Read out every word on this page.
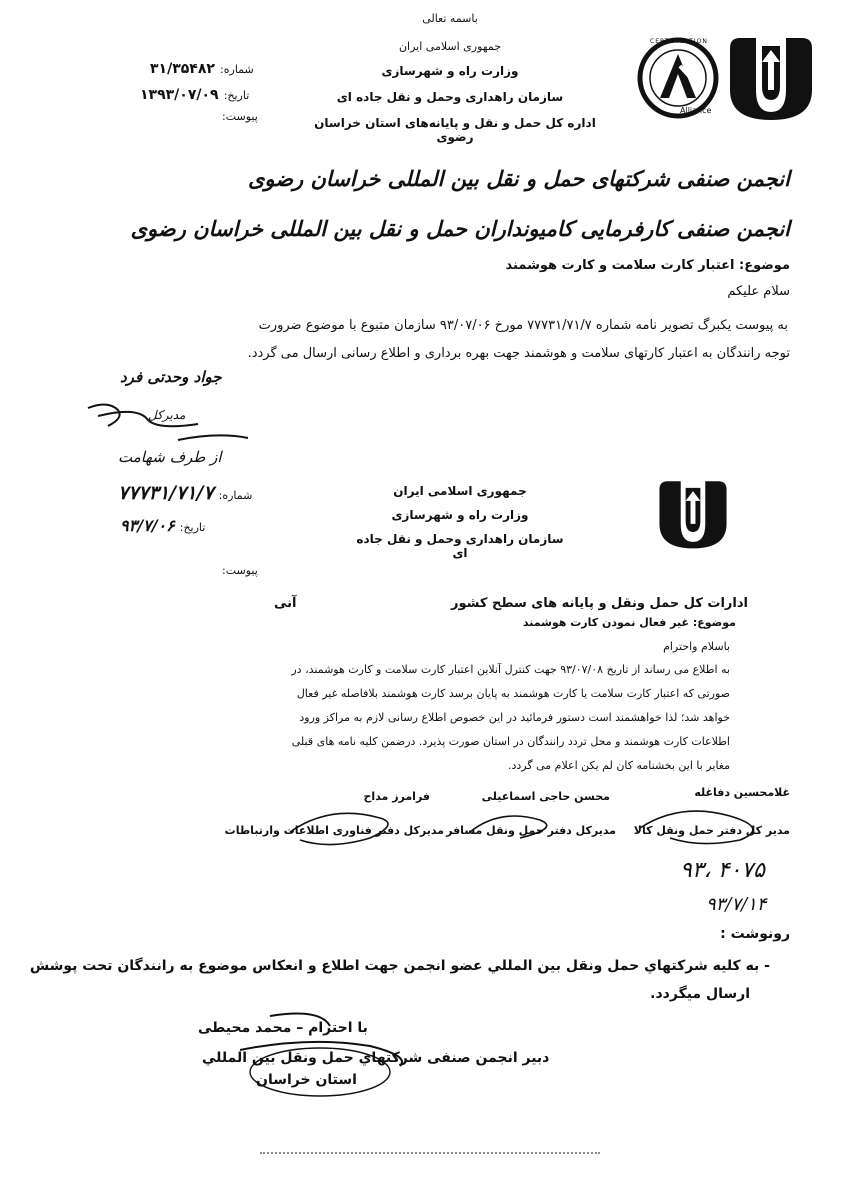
باسمه تعالی
جمهوری اسلامی ایران
وزارت راه و شهرسازی
سازمان راهداری وحمل و نقل جاده ای
اداره کل حمل و نقل و پایانه‌های استان خراسان رضوی
۳۱/۳۵۴۸۲ شماره:
۱۳۹۳/۰۷/۰۹ تاریخ:
پیوست:	Alliance
CERTIFICATION
انجمن صنفی شرکتهای حمل و نقل بین المللی خراسان رضوی
انجمن صنفی کارفرمایی کامیونداران حمل و نقل بین المللی خراسان رضوی
موضوع: اعتبار کارت سلامت و کارت هوشمند
سلام علیکم
به پیوست یکبرگ تصویر نامه شماره ۷۷۷۳۱/۷۱/۷ مورخ ۹۳/۰۷/۰۶ سازمان متبوع با موضوع ضرورت
توجه رانندگان به اعتبار کارتهای سلامت و هوشمند جهت بهره برداری و اطلاع رسانی ارسال می گردد.
جواد وحدتی فرد
مدیرکل
از طرف شهامت
جمهوری اسلامی ایران
وزارت راه و شهرسازی
سازمان راهداری وحمل و نقل جاده ای
۷۷۷۳۱/۷۱/۷ شماره:
۹۳/۷/۰۶ تاریخ:
پیوست:
ادارات کل حمل ونقل و پایانه های سطح کشور
آنی
موضوع: غیر فعال نمودن کارت هوشمند
باسلام واحترام
به اطلاع می رساند از تاریخ ۹۳/۰۷/۰۸ جهت کنترل آنلاین اعتبار کارت سلامت و کارت هوشمند، در
صورتی که اعتبار کارت سلامت یا کارت هوشمند به پایان برسد کارت هوشمند بلافاصله غیر فعال
خواهد شد؛ لذا خواهشمند است دستور فرمائید در این خصوص اطلاع رسانی لازم به مراکز ورود
اطلاعات کارت هوشمند و محل تردد رانندگان در استان صورت پذیرد. درضمن کلیه نامه های قبلی
مغایر با این بخشنامه کان لم یکن اعلام می گردد.
غلامحسین دفاغله
مدیر کل دفتر حمل ونقل کالا
محسن حاجی اسماعیلی
مدیرکل دفتر حمل ونقل مسافر
فرامرز مداح
مدیرکل دفتر فناوری اطلاعات وارتباطات
۹۳، ۴۰۷۵
۹۳/۷/۱۴
رونوشت :
- به کلیه شرکتهاي حمل ونقل بين المللي عضو انجمن جهت اطلاع و انعكاس موضوع به رانندگان تحت پوشش
ارسال ميگردد.
با احترام – محمد محیطی
دبير انجمن صنفی شركتهاي حمل ونقل بين المللي
استان خراسان
